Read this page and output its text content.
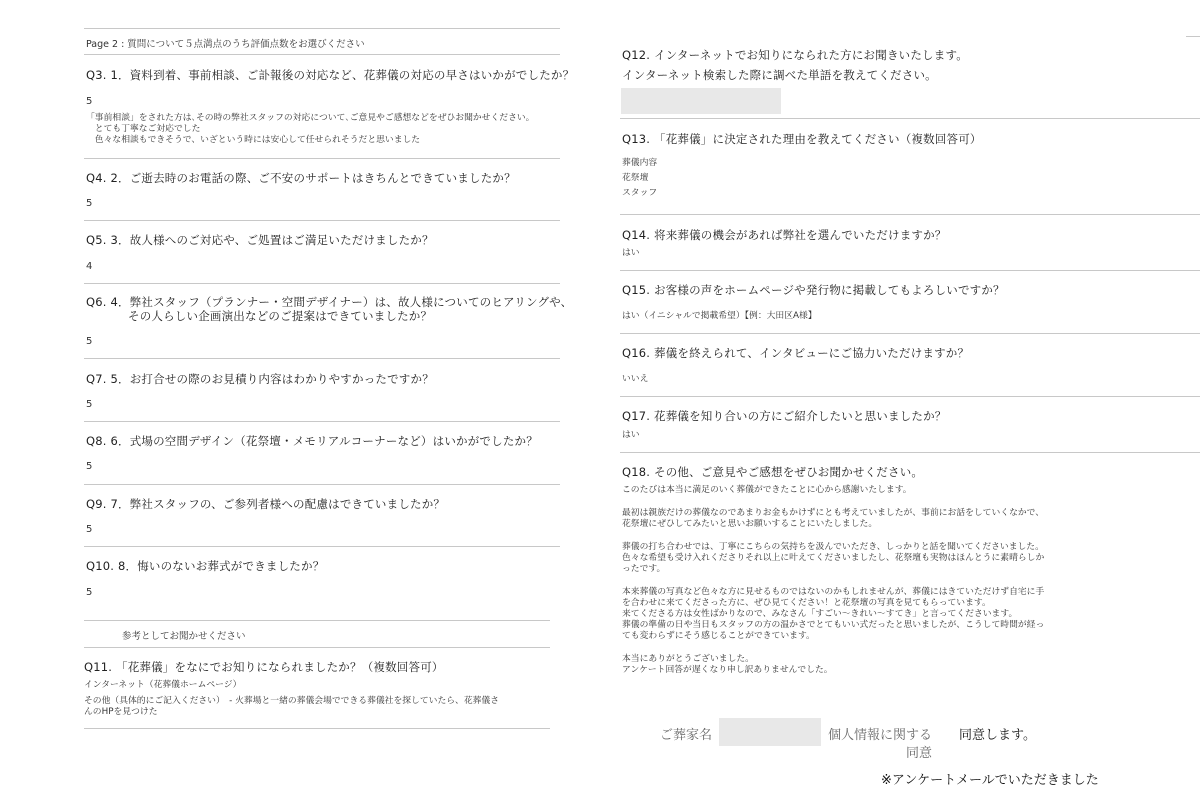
Page 2 : 質問について５点満点のうち評価点数をお選びください
Q3. 1．資料到着、事前相談、ご訃報後の対応など、花葬儀の対応の早さはいかがでしたか？
5
「事前相談」をされた方は､その時の弊社スタッフの対応について､ご意見やご感想などをぜひお聞かせください。
　とても丁寧なご対応でした
　色々な相談もできそうで、いざという時には安心して任せられそうだと思いました
Q4. 2．ご逝去時のお電話の際、ご不安のサポートはきちんとできていましたか？
5
Q5. 3．故人様へのご対応や、ご処置はご満足いただけましたか？
4
Q6. 4．弊社スタッフ（プランナー・空間デザイナー）は、故人様についてのヒアリングや、
その人らしい企画演出などのご提案はできていましたか？
5
Q7. 5．お打合せの際のお見積り内容はわかりやすかったですか？
5
Q8. 6．式場の空間デザイン（花祭壇・メモリアルコーナーなど）はいかがでしたか？
5
Q9. 7．弊社スタッフの、ご参列者様への配慮はできていましたか？
5
Q10. 8．悔いのないお葬式ができましたか？
5
参考としてお聞かせください
Q11. 「花葬儀」をなにでお知りになられましたか？（複数回答可）
インターネット（花葬儀ホームページ）
その他（具体的にご記入ください）　- 火葬場と一緒の葬儀会場でできる葬儀社を探していたら、花葬儀さ
んのHPを見つけた
Q12. インターネットでお知りになられた方にお聞きいたします。
インターネット検索した際に調べた単語を教えてください。
Q13. 「花葬儀」に決定された理由を教えてください（複数回答可）
葬儀内容
花祭壇
スタッフ
Q14. 将来葬儀の機会があれば弊社を選んでいただけますか？
はい
Q15. お客様の声をホームページや発行物に掲載してもよろしいですか？
はい（イニシャルで掲載希望）【例：大田区A様】
Q16. 葬儀を終えられて、インタビューにご協力いただけますか？
いいえ
Q17. 花葬儀を知り合いの方にご紹介したいと思いましたか？
はい
Q18. その他、ご意見やご感想をぜひお聞かせください。
このたびは本当に満足のいく葬儀ができたことに心から感謝いたします。
最初は親族だけの葬儀なのであまりお金もかけずにとも考えていましたが、事前にお話をしていくなかで、
花祭壇にぜひしてみたいと思いお願いすることにいたしました。
葬儀の打ち合わせでは、丁寧にこちらの気持ちを汲んでいただき、しっかりと話を聞いてくださいました。
色々な希望も受け入れくださりそれ以上に叶えてくださいましたし、花祭壇も実物はほんとうに素晴らしか
ったです。
本来葬儀の写真など色々な方に見せるものではないのかもしれませんが、葬儀にはきていただけず自宅に手
を合わせに来てくださった方に、ぜひ見てください！と花祭壇の写真を見てもらっています。
来てくださる方は女性ばかりなので、みなさん「すごい〜きれい〜すてき」と言ってくださいます。
葬儀の準備の日や当日もスタッフの方の温かさでとてもいい式だったと思いましたが、こうして時間が経っ
ても変わらずにそう感じることができています。
本当にありがとうございました。
アンケート回答が遅くなり申し訳ありませんでした。
ご葬家名	個人情報に関する
同意
同意します。
※アンケートメールでいただきました
